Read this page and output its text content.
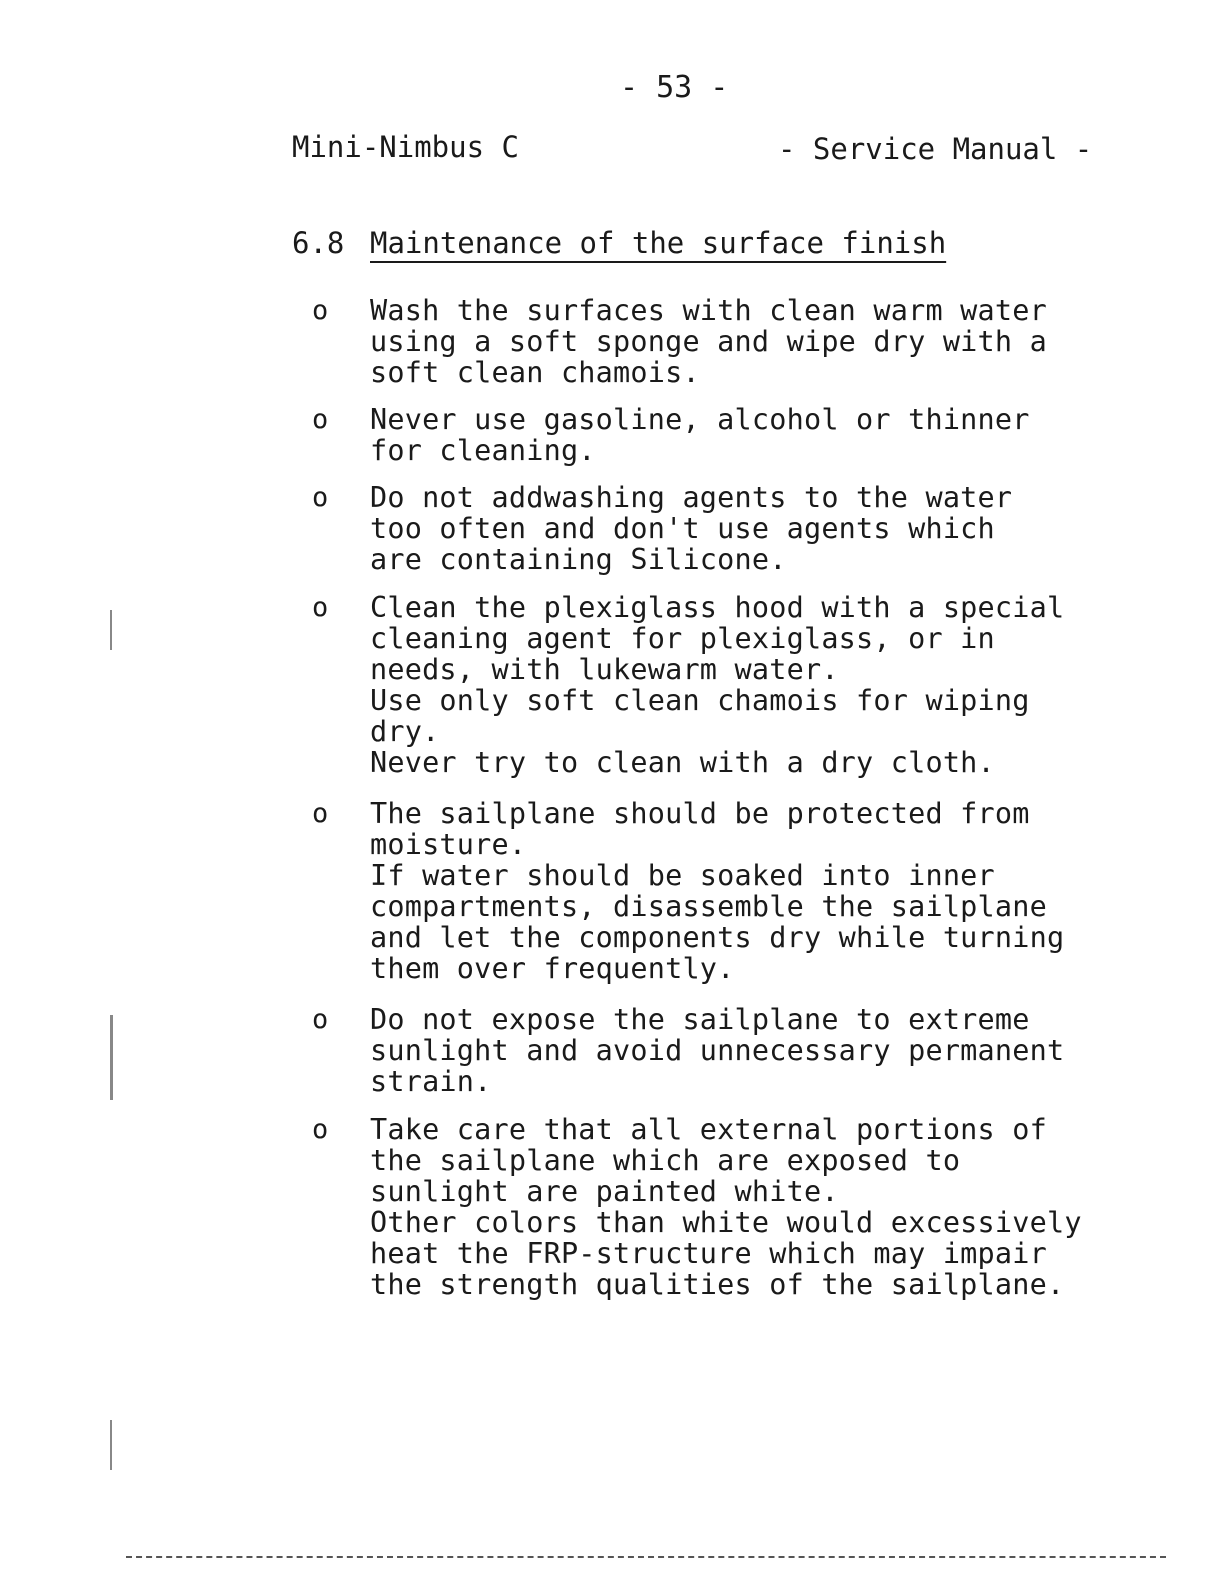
- 53 -
Mini-Nimbus C	- Service Manual -
6.8 Maintenance of the surface finish
o Wash the surfaces with clean warm water
using a soft sponge and wipe dry with a
soft clean chamois.
o Never use gasoline, alcohol or thinner
for cleaning.
o Do not addwashing agents to the water
too often and don't use agents which
are containing Silicone.
o Clean the plexiglass hood with a special
cleaning agent for plexiglass, or in
needs, with lukewarm water.
Use only soft clean chamois for wiping
dry.
Never try to clean with a dry cloth.
o The sailplane should be protected from
moisture.
If water should be soaked into inner
compartments, disassemble the sailplane
and let the components dry while turning
them over frequently.
o Do not expose the sailplane to extreme
sunlight and avoid unnecessary permanent
strain.
o Take care that all external portions of
the sailplane which are exposed to
sunlight are painted white.
Other colors than white would excessively
heat the FRP-structure which may impair
the strength qualities of the sailplane.
